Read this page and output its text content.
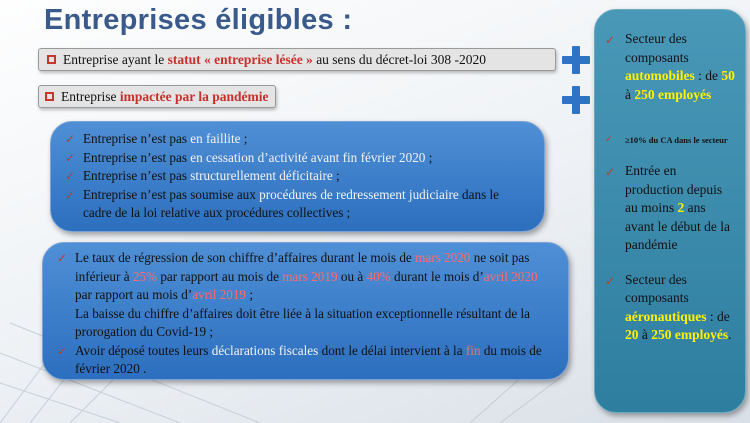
Entreprises éligibles :
Entreprise ayant le statut « entreprise lésée » au sens du décret-loi 308 -2020
Entreprise impactée par la pandémie
✓ Entreprise n’est pas en faillite ;
✓ Entreprise n’est pas en cessation d’activité avant fin février 2020 ;
✓ Entreprise n’est pas structurellement déficitaire ;
✓ Entreprise n’est pas soumise aux procédures de redressement judiciaire dans le cadre de la loi relative aux procédures collectives ;
✓ Le taux de régression de son chiffre d’affaires durant le mois de mars 2020 ne soit pas inférieur à 25% par rapport au mois de mars 2019 ou à 40% durant le mois d’avril 2020 par rapport au mois d’avril 2019 ;
La baisse du chiffre d’affaires doit être liée à la situation exceptionnelle résultant de la prorogation du Covid-19 ;
✓ Avoir déposé toutes leurs déclarations fiscales dont le délai intervient à la fin du mois de février 2020 .
✓ Secteur des composants automobiles : de 50 à 250 employés
✓ ≥10% du CA dans le secteur
✓ Entrée en production depuis au moins 2 ans avant le début de la pandémie
✓ Secteur des composants aéronautiques : de 20 à 250 employés.
